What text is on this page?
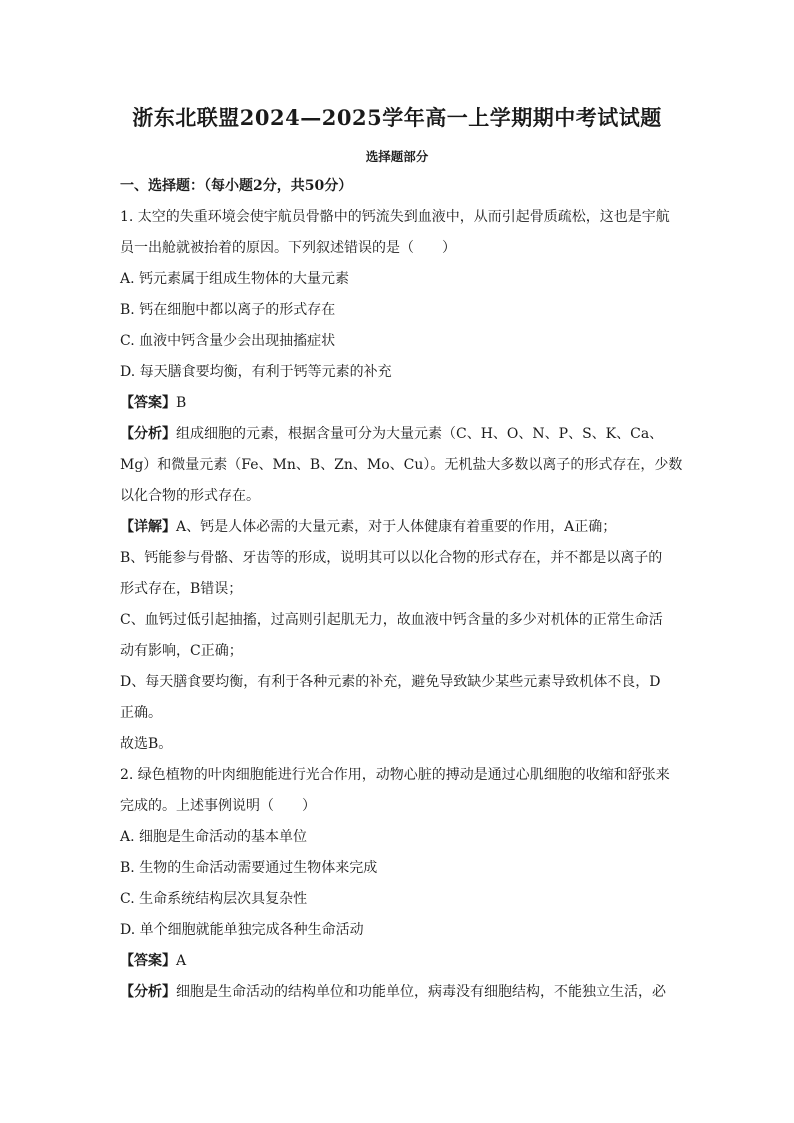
浙东北联盟2024—2025学年高一上学期期中考试试题
选择题部分
一、选择题：（每小题2分，共50分）
1. 太空的失重环境会使宇航员骨骼中的钙流失到血液中，从而引起骨质疏松，这也是宇航
员一出舱就被抬着的原因。下列叙述错误的是（　　）
A. 钙元素属于组成生物体的大量元素
B. 钙在细胞中都以离子的形式存在
C. 血液中钙含量少会出现抽搐症状
D. 每天膳食要均衡，有利于钙等元素的补充
【答案】B
【分析】组成细胞的元素，根据含量可分为大量元素（C、H、O、N、P、S、K、Ca、
Mg）和微量元素（Fe、Mn、B、Zn、Mo、Cu）。无机盐大多数以离子的形式存在，少数
以化合物的形式存在。
【详解】A、钙是人体必需的大量元素，对于人体健康有着重要的作用，A正确；
B、钙能参与骨骼、牙齿等的形成，说明其可以以化合物的形式存在，并不都是以离子的
形式存在，B错误；
C、血钙过低引起抽搐，过高则引起肌无力，故血液中钙含量的多少对机体的正常生命活
动有影响，C正确；
D、每天膳食要均衡，有利于各种元素的补充，避免导致缺少某些元素导致机体不良，D
正确。
故选B。
2. 绿色植物的叶肉细胞能进行光合作用，动物心脏的搏动是通过心肌细胞的收缩和舒张来
完成的。上述事例说明（　　）
A. 细胞是生命活动的基本单位
B. 生物的生命活动需要通过生物体来完成
C. 生命系统结构层次具复杂性
D. 单个细胞就能单独完成各种生命活动
【答案】A
【分析】细胞是生命活动的结构单位和功能单位，病毒没有细胞结构，不能独立生活，必
